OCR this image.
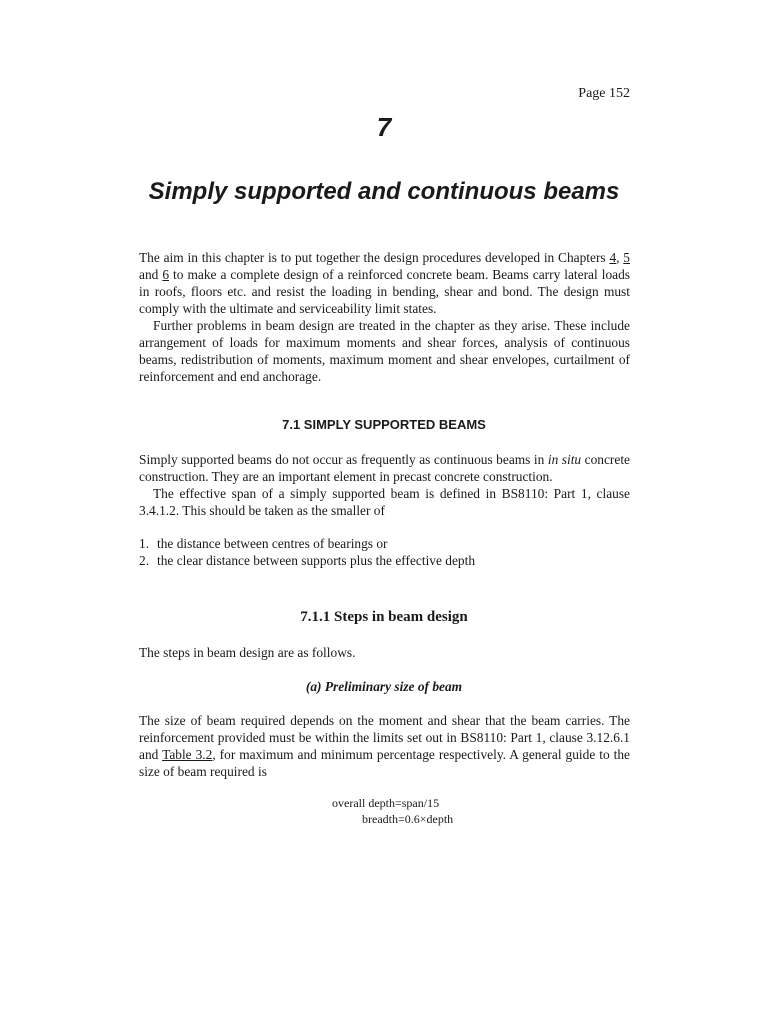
Page 152
7
Simply supported and continuous beams

The aim in this chapter is to put together the design procedures developed in Chapters 4, 5 and 6 to make a complete design of a reinforced concrete beam. Beams carry lateral loads in roofs, floors etc. and resist the loading in bending, shear and bond. The design must comply with the ultimate and serviceability limit states.

Further problems in beam design are treated in the chapter as they arise. These include arrangement of loads for maximum moments and shear forces, analysis of continuous beams, redistribution of moments, maximum moment and shear envelopes, curtailment of reinforcement and end anchorage.

7.1 SIMPLY SUPPORTED BEAMS

Simply supported beams do not occur as frequently as continuous beams in in situ concrete construction. They are an important element in precast concrete construction.

The effective span of a simply supported beam is defined in BS8110: Part 1, clause 3.4.1.2. This should be taken as the smaller of

1. the distance between centres of bearings or
2. the clear distance between supports plus the effective depth
7.1.1 Steps in beam design

The steps in beam design are as follows.

(a) Preliminary size of beam

The size of beam required depends on the moment and shear that the beam carries. The reinforcement provided must be within the limits set out in BS8110: Part 1, clause 3.12.6.1 and Table 3.2, for maximum and minimum percentage respectively. A general guide to the size of beam required is

overall depth=span/15
breadth=0.6×depth
